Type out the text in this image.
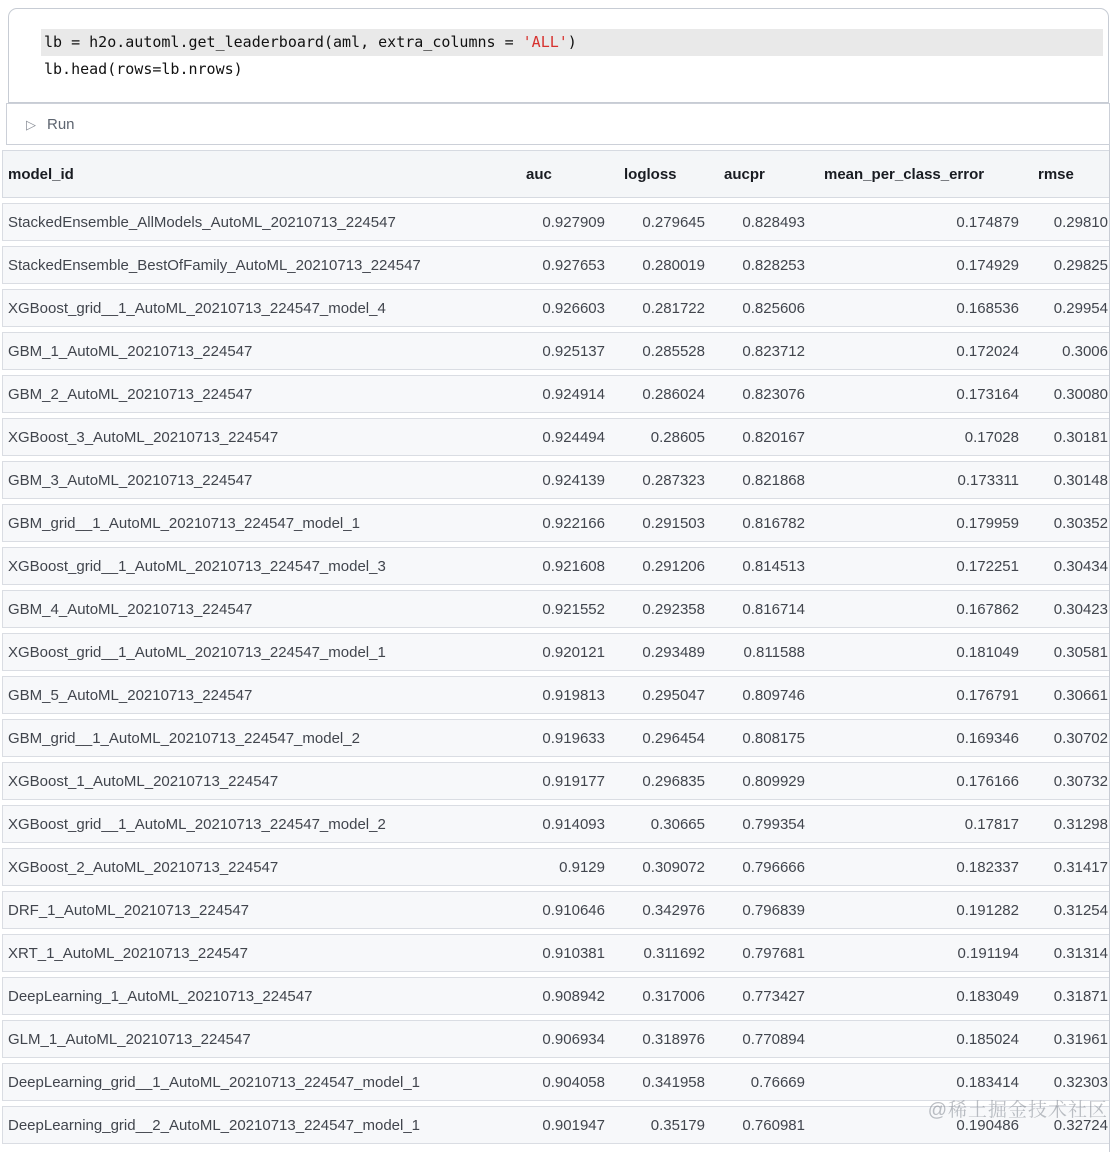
lb = h2o.automl.get_leaderboard(aml, extra_columns = 'ALL')
lb.head(rows=lb.nrows)
▷ Run
model_id	auc	logloss	aucpr	mean_per_class_error	rmse
StackedEnsemble_AllModels_AutoML_20210713_224547	0.927909	0.279645	0.828493	0.174879	0.29810
StackedEnsemble_BestOfFamily_AutoML_20210713_224547	0.927653	0.280019	0.828253	0.174929	0.29825
XGBoost_grid__1_AutoML_20210713_224547_model_4	0.926603	0.281722	0.825606	0.168536	0.29954
GBM_1_AutoML_20210713_224547	0.925137	0.285528	0.823712	0.172024	0.3006
GBM_2_AutoML_20210713_224547	0.924914	0.286024	0.823076	0.173164	0.30080
XGBoost_3_AutoML_20210713_224547	0.924494	0.28605	0.820167	0.17028	0.30181
GBM_3_AutoML_20210713_224547	0.924139	0.287323	0.821868	0.173311	0.30148
GBM_grid__1_AutoML_20210713_224547_model_1	0.922166	0.291503	0.816782	0.179959	0.30352
XGBoost_grid__1_AutoML_20210713_224547_model_3	0.921608	0.291206	0.814513	0.172251	0.30434
GBM_4_AutoML_20210713_224547	0.921552	0.292358	0.816714	0.167862	0.30423
XGBoost_grid__1_AutoML_20210713_224547_model_1	0.920121	0.293489	0.811588	0.181049	0.30581
GBM_5_AutoML_20210713_224547	0.919813	0.295047	0.809746	0.176791	0.30661
GBM_grid__1_AutoML_20210713_224547_model_2	0.919633	0.296454	0.808175	0.169346	0.30702
XGBoost_1_AutoML_20210713_224547	0.919177	0.296835	0.809929	0.176166	0.30732
XGBoost_grid__1_AutoML_20210713_224547_model_2	0.914093	0.30665	0.799354	0.17817	0.31298
XGBoost_2_AutoML_20210713_224547	0.9129	0.309072	0.796666	0.182337	0.31417
DRF_1_AutoML_20210713_224547	0.910646	0.342976	0.796839	0.191282	0.31254
XRT_1_AutoML_20210713_224547	0.910381	0.311692	0.797681	0.191194	0.31314
DeepLearning_1_AutoML_20210713_224547	0.908942	0.317006	0.773427	0.183049	0.31871
GLM_1_AutoML_20210713_224547	0.906934	0.318976	0.770894	0.185024	0.31961
DeepLearning_grid__1_AutoML_20210713_224547_model_1	0.904058	0.341958	0.76669	0.183414	0.32303
DeepLearning_grid__2_AutoML_20210713_224547_model_1	0.901947	0.35179	0.760981	0.190486	0.32724
@稀土掘金技术社区
